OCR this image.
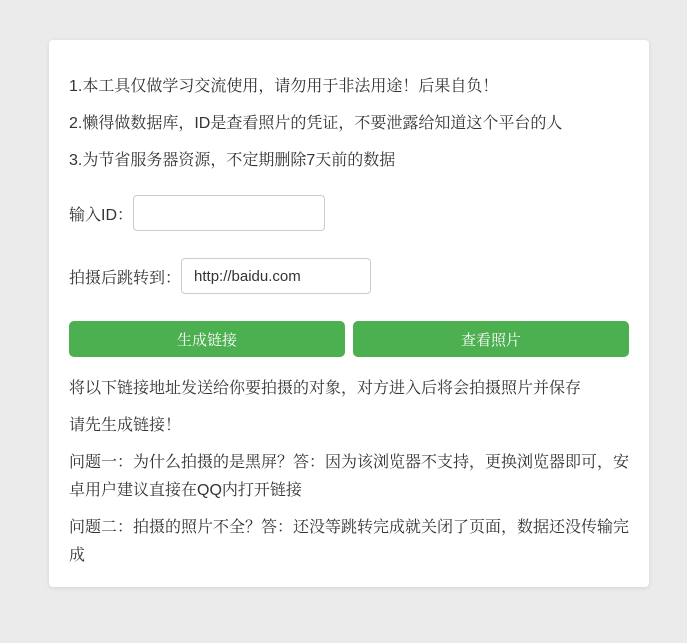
1.本工具仅做学习交流使用，请勿用于非法用途！后果自负！

2.懒得做数据库，ID是查看照片的凭证，不要泄露给知道这个平台的人

3.为节省服务器资源，不定期删除7天前的数据

输入ID：
拍摄后跳转到：
http://baidu.com
生成链接	查看照片

将以下链接地址发送给你要拍摄的对象，对方进入后将会拍摄照片并保存

请先生成链接！

问题一：为什么拍摄的是黑屏？答：因为该浏览器不支持，更换浏览器即可，安卓用户建议直接在QQ内打开链接

问题二：拍摄的照片不全？答：还没等跳转完成就关闭了页面，数据还没传输完成
